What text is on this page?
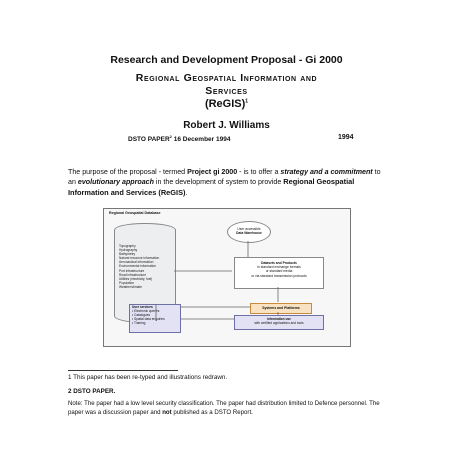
Research and Development Proposal - Gi 2000
Regional Geospatial Information and
Services
(ReGIS)$^1$
Robert J. Williams
DSTO PAPER$^2$ 16 December 1994	1994
The purpose of the proposal - termed Project gi 2000 - is to offer a strategy and a commitment to an evolutionary approach in the development of system to provide Regional Geospatial Information and Services (ReGIS).
Regional Geospatial Database
Topography
Hydrography
Bathymetry
Natural resource information
Aeronautical information
Environmental information
Port infrastructure
Road infrastructure
Utilities (electricity, fuel)
Population
Weather/climate
User accessible
Data Warehouse
Datasets and Products
in standard exchange formats
or standard media
or via standard transmission protocols
User services
• Electronic queries
• Catalogues
• Spatial data enquiries
• Training
Systems and Platforms
Information use
with certified applications and tools
1 This paper has been re-typed and illustrations redrawn.
2 DSTO PAPER.
Note: The paper had a low level security classification. The paper had distribution limited to Defence personnel. The paper was a discussion paper and not published as a DSTO Report.
